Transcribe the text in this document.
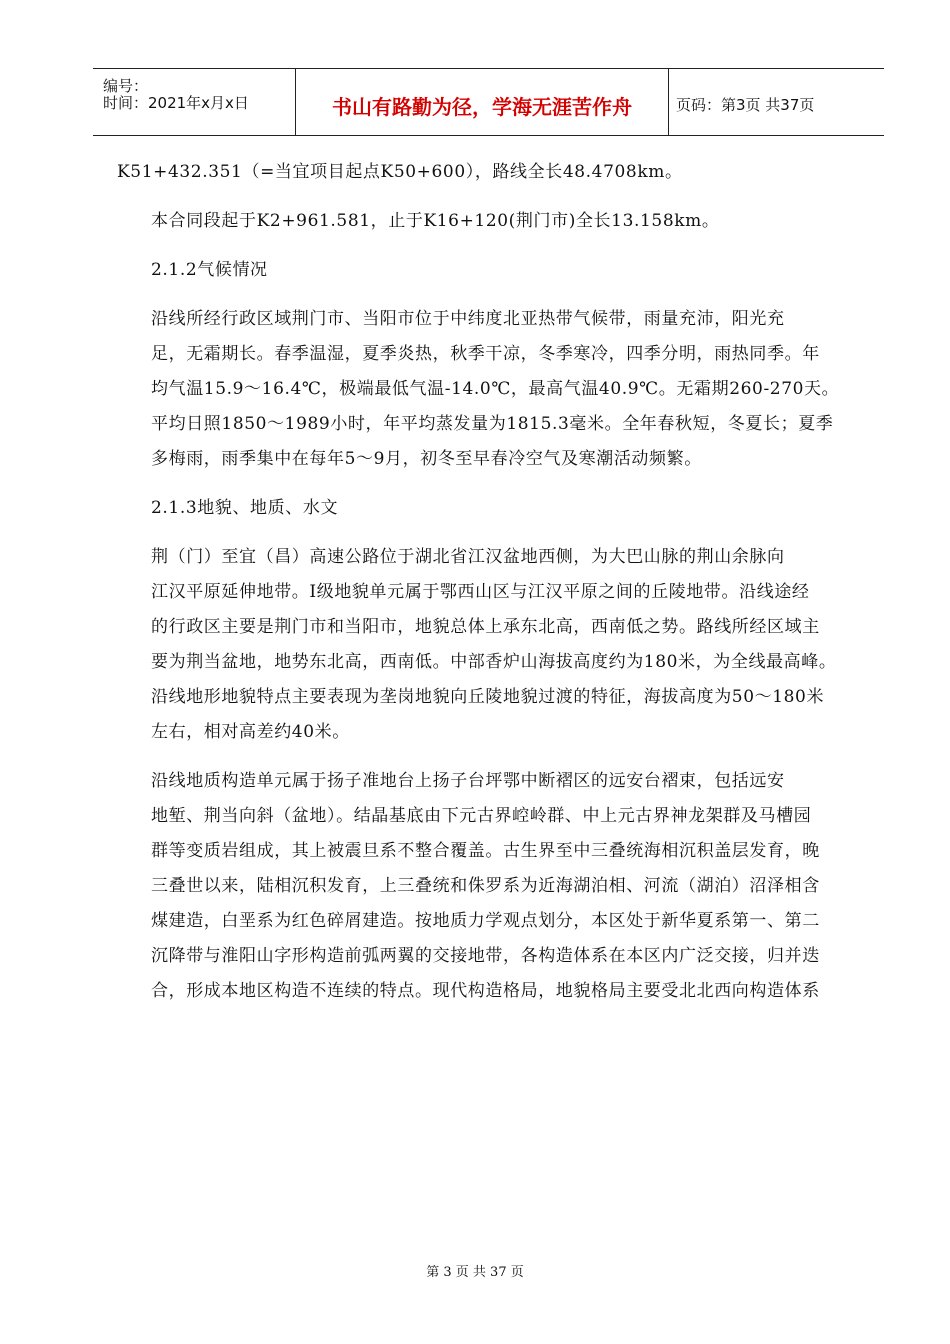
编号：
时间：2021年x月x日	书山有路勤为径，学海无涯苦作舟	页码：第3页 共37页
K51+432.351（=当宜项目起点K50+600），路线全长48.4708km。
本合同段起于K2+961.581，止于K16+120(荆门市)全长13.158km。
2.1.2气候情况
沿线所经行政区域荆门市、当阳市位于中纬度北亚热带气候带，雨量充沛，阳光充
足，无霜期长。春季温湿，夏季炎热，秋季干凉，冬季寒冷，四季分明，雨热同季。年
均气温15.9～16.4℃，极端最低气温-14.0℃，最高气温40.9℃。无霜期260-270天。
平均日照1850～1989小时，年平均蒸发量为1815.3毫米。全年春秋短，冬夏长；夏季
多梅雨，雨季集中在每年5～9月，初冬至早春冷空气及寒潮活动频繁。
2.1.3地貌、地质、水文
荆（门）至宜（昌）高速公路位于湖北省江汉盆地西侧，为大巴山脉的荆山余脉向
江汉平原延伸地带。Ⅰ级地貌单元属于鄂西山区与江汉平原之间的丘陵地带。沿线途经
的行政区主要是荆门市和当阳市，地貌总体上承东北高，西南低之势。路线所经区域主
要为荆当盆地，地势东北高，西南低。中部香炉山海拔高度约为180米，为全线最高峰。
沿线地形地貌特点主要表现为垄岗地貌向丘陵地貌过渡的特征，海拔高度为50～180米
左右，相对高差约40米。
沿线地质构造单元属于扬子准地台上扬子台坪鄂中断褶区的远安台褶束，包括远安
地堑、荆当向斜（盆地）。结晶基底由下元古界崆岭群、中上元古界神龙架群及马槽园
群等变质岩组成，其上被震旦系不整合覆盖。古生界至中三叠统海相沉积盖层发育，晚
三叠世以来，陆相沉积发育，上三叠统和侏罗系为近海湖泊相、河流（湖泊）沼泽相含
煤建造，白垩系为红色碎屑建造。按地质力学观点划分，本区处于新华夏系第一、第二
沉降带与淮阳山字形构造前弧两翼的交接地带，各构造体系在本区内广泛交接，归并迭
合，形成本地区构造不连续的特点。现代构造格局，地貌格局主要受北北西向构造体系
第 3 页 共 37 页
